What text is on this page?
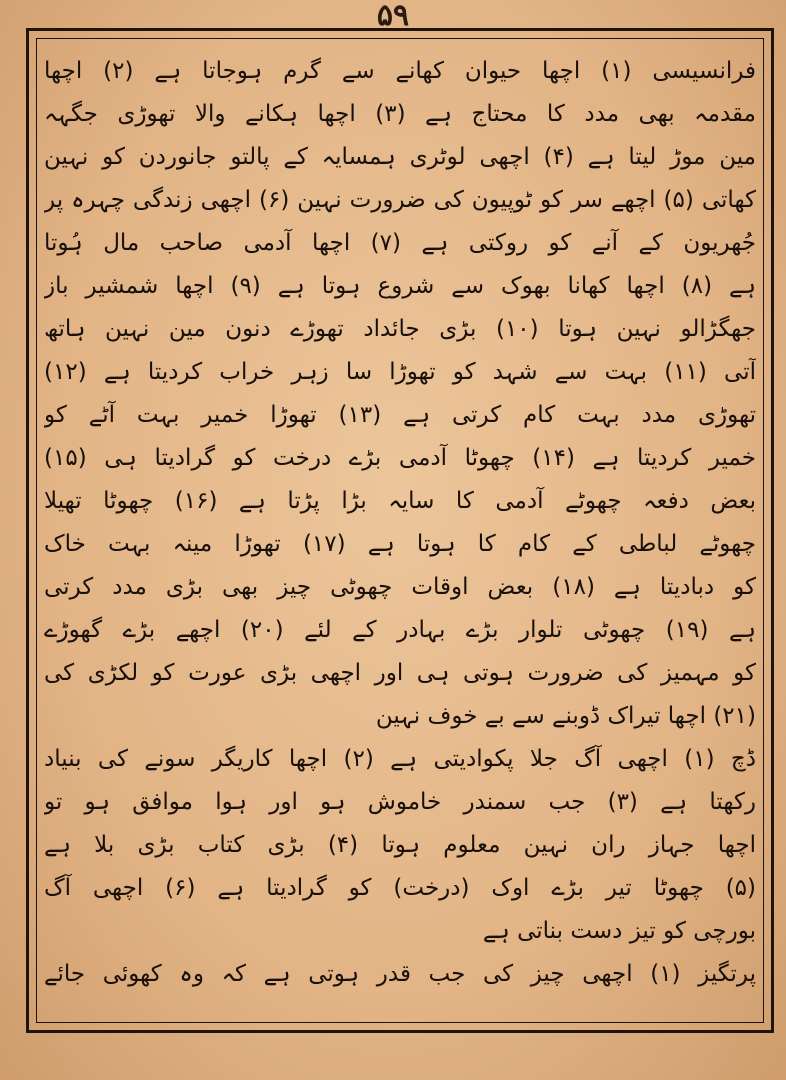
۵۹
فرانسیسی (۱) اچھا حیوان کھانے سے گرم ہوجاتا ہے (۲) اچھا
مقدمہ بھی مدد کا محتاج ہے (۳) اچھا ہکانے والا تھوڑی جگہہ
مین موڑ لیتا ہے (۴) اچھی لوٹری ہمسایہ کے پالتو جانوردن کو نہین
کھاتی (۵) اچھے سر کو ٹوپیون کی ضرورت نہین (۶) اچھی زندگی چہرہ پر
جُھریون کے آنے کو روکتی ہے (۷) اچھا آدمی صاحب مال ہُوتا
ہے (۸) اچھا کھانا بھوک سے شروع ہوتا ہے (۹) اچھا شمشیر باز
جھگڑالو نہین ہوتا (۱۰) بڑی جائداد تھوڑے دنون مین نہین ہاتھ
آتی (۱۱) بہت سے شہد کو تھوڑا سا زہر خراب کردیتا ہے (۱۲)
تھوڑی مدد بہت کام کرتی ہے (۱۳) تھوڑا خمیر بہت آٹے کو
خمیر کردیتا ہے (۱۴) چھوٹا آدمی بڑے درخت کو گرادیتا ہی (۱۵)
بعض دفعہ چھوٹے آدمی کا سایہ بڑا پڑتا ہے (۱۶) چھوٹا تھیلا
چھوٹے لباطی کے کام کا ہوتا ہے (۱۷) تھوڑا مینہ بہت خاک
کو دبادیتا ہے (۱۸) بعض اوقات چھوٹی چیز بھی بڑی مدد کرتی
ہے (۱۹) چھوٹی تلوار بڑے بہادر کے لئے (۲۰) اچھے بڑے گھوڑے
کو مہمیز کی ضرورت ہوتی ہی اور اچھی بڑی عورت کو لکڑی کی
(۲۱) اچھا تیراک ڈوبنے سے بے خوف نہین
ڈچ (۱) اچھی آگ جلا پکوادیتی ہے (۲) اچھا کاریگر سونے کی بنیاد
رکھتا ہے (۳) جب سمندر خاموش ہو اور ہوا موافق ہو تو
اچھا جہاز ران نہین معلوم ہوتا (۴) بڑی کتاب بڑی بلا ہے
(۵) چھوٹا تیر بڑے اوک (درخت) کو گرادیتا ہے (۶) اچھی آگ
بورچی کو تیز دست بناتی ہے
پرتگیز (۱) اچھی چیز کی جب قدر ہوتی ہے کہ وہ کھوئی جائے
